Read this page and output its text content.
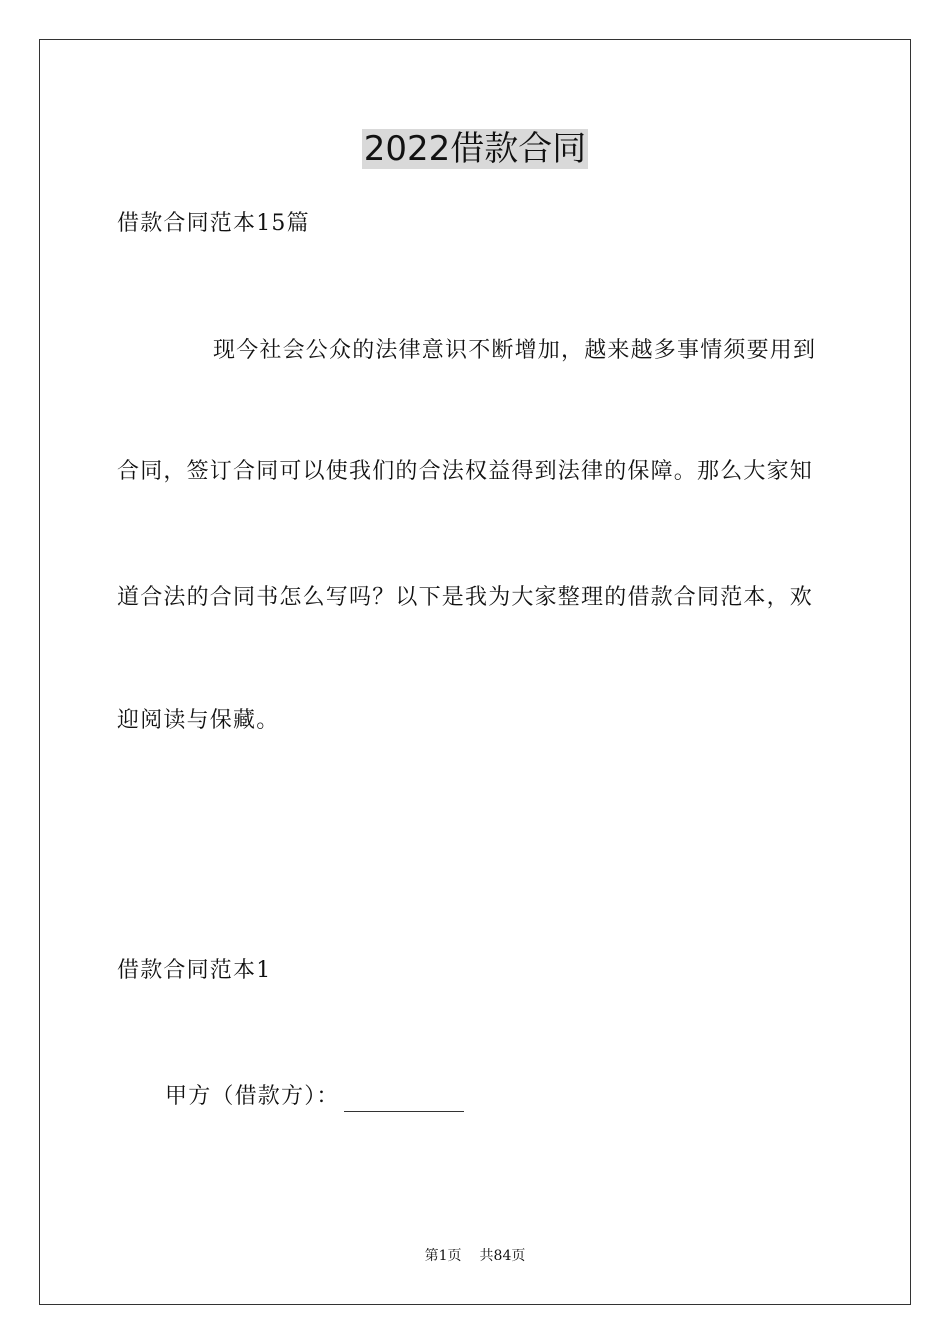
2022借款合同
借款合同范本15篇
现今社会公众的法律意识不断增加，越来越多事情须要用到
合同，签订合同可以使我们的合法权益得到法律的保障。那么大家知
道合法的合同书怎么写吗？以下是我为大家整理的借款合同范本，欢
迎阅读与保藏。
借款合同范本1
甲方（借款方）：
第1页 共84页
